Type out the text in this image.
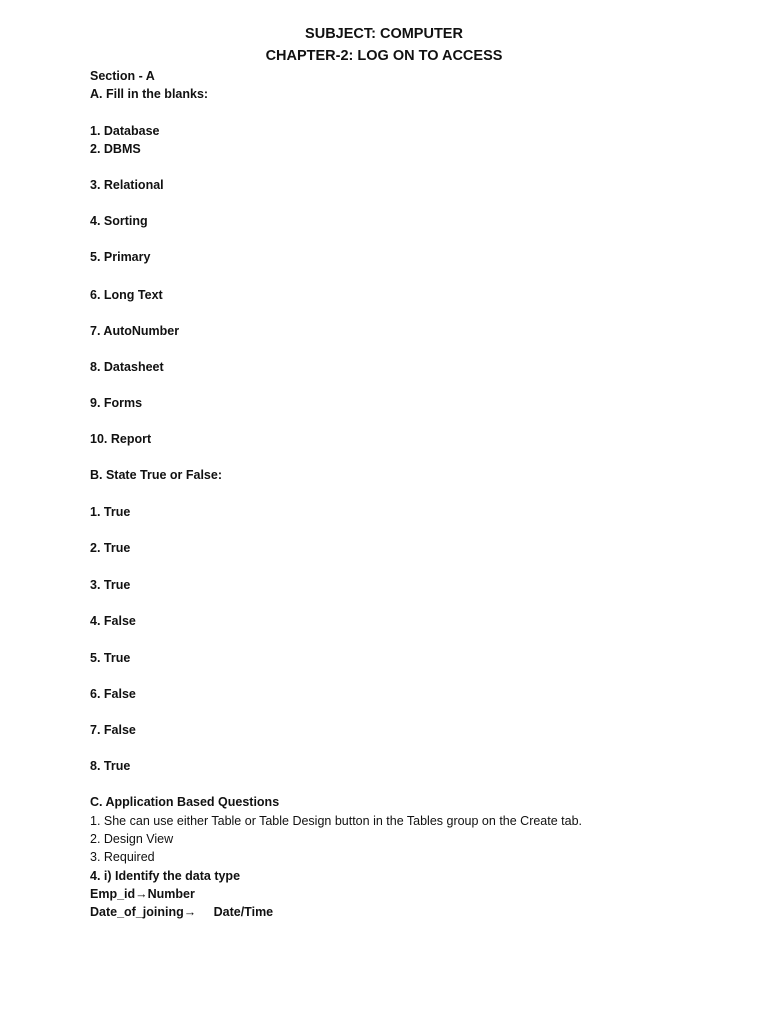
SUBJECT: COMPUTER
CHAPTER-2: LOG ON TO ACCESS
Section - A
A. Fill in the blanks:
1. Database
2. DBMS
3. Relational
4. Sorting
5. Primary
6. Long Text
7. AutoNumber
8. Datasheet
9. Forms
10. Report
B. State True or False:
1. True
2. True
3. True
4. False
5. True
6. False
7. False
8. True
C. Application Based Questions
1. She can use either Table or Table Design button in the Tables group on the Create tab.
2. Design View
3. Required
4. i) Identify the data type
Emp_id→Number
Date_of_joining→     Date/Time
